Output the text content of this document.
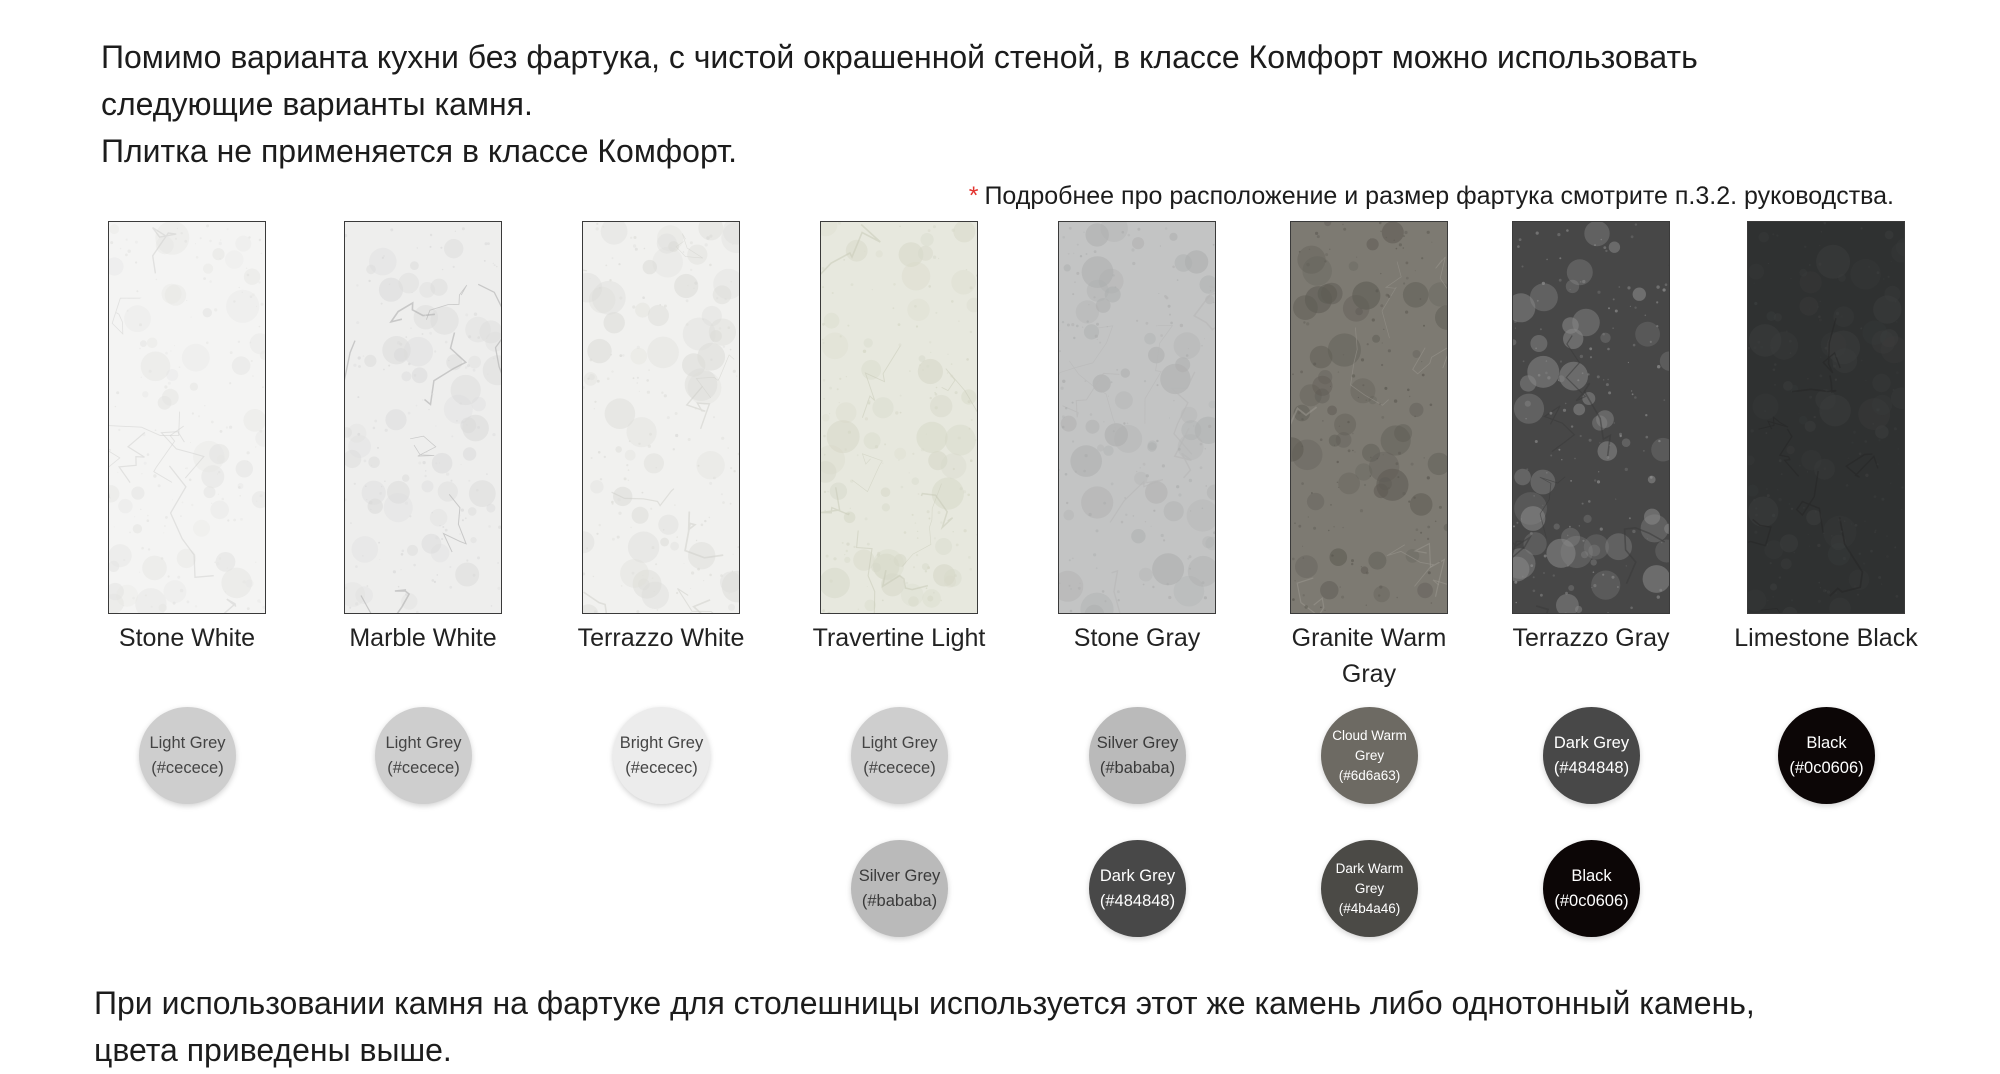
Помимо варианта кухни без фартука, с чистой окрашенной стеной, в классе Комфорт можно использовать

следующие варианты камня.

Плитка не применяется в классе Комфорт.

* Подробнее про расположение и размер фартука смотрите п.3.2. руководства.
Stone White
Light Grey
(#cecece)
Marble White
Light Grey
(#cecece)
Terrazzo White
Bright Grey
(#ececec)
Travertine Light
Light Grey
(#cecece)
Silver Grey
(#bababa)
Stone Gray
Silver Grey
(#bababa)
Dark Grey
(#484848)
Granite Warm Gray
Cloud Warm Grey
(#6d6a63)
Dark Warm Grey
(#4b4a46)
Terrazzo Gray
Dark Grey
(#484848)
Black
(#0c0606)
Limestone Black
Black
(#0c0606)

При использовании камня на фартуке для столешницы используется этот же камень либо однотонный камень,

цвета приведены выше.
